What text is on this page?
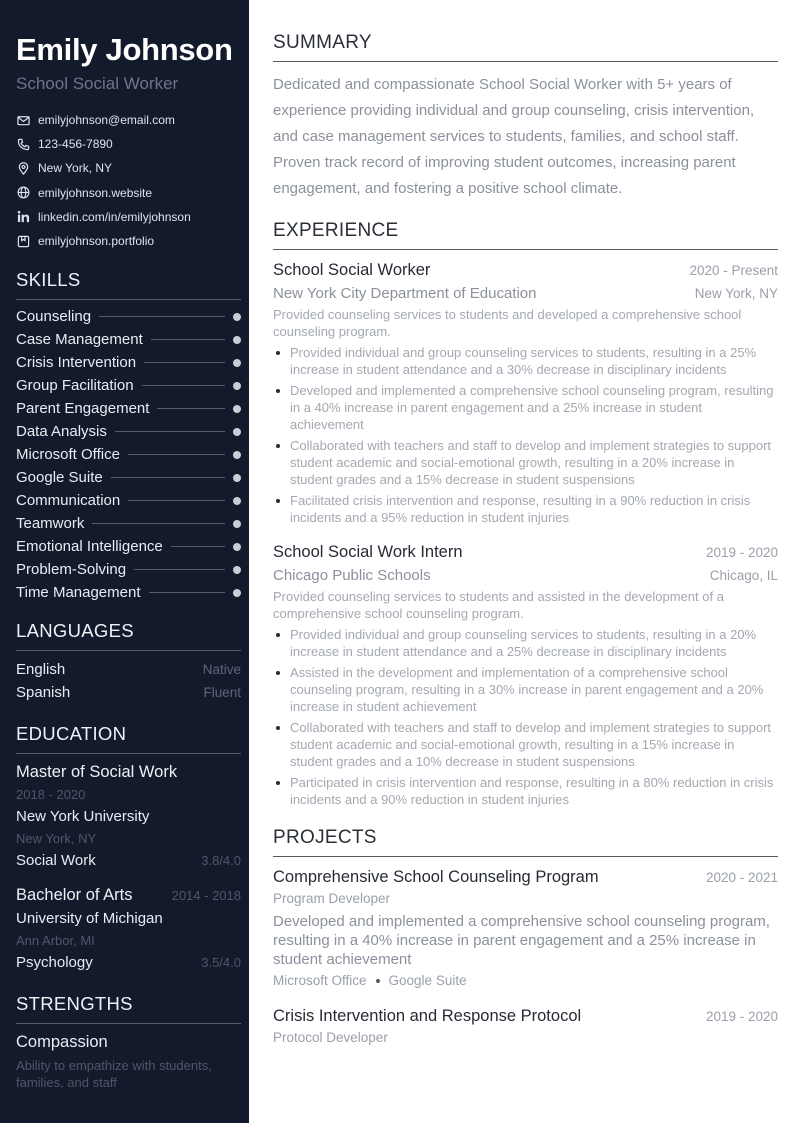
Emily Johnson
School Social Worker
emilyjohnson@email.com
123-456-7890
New York, NY
emilyjohnson.website
linkedin.com/in/emilyjohnson
emilyjohnson.portfolio
SKILLS
Counseling
Case Management
Crisis Intervention
Group Facilitation
Parent Engagement
Data Analysis
Microsoft Office
Google Suite
Communication
Teamwork
Emotional Intelligence
Problem-Solving
Time Management
LANGUAGES
English	Native
Spanish	Fluent
EDUCATION
Master of Social Work
2018 - 2020
New York University
New York, NY
Social Work	3.8/4.0
Bachelor of Arts	2014 - 2018
University of Michigan
Ann Arbor, MI
Psychology	3.5/4.0
STRENGTHS
Compassion
Ability to empathize with students, families, and staff
SUMMARY

Dedicated and compassionate School Social Worker with 5+ years of experience providing individual and group counseling, crisis intervention, and case management services to students, families, and school staff. Proven track record of improving student outcomes, increasing parent engagement, and fostering a positive school climate.

EXPERIENCE
School Social Worker	2020 - Present
New York City Department of Education	New York, NY
Provided counseling services to students and developed a comprehensive school counseling program.
Provided individual and group counseling services to students, resulting in a 25% increase in student attendance and a 30% decrease in disciplinary incidents
Developed and implemented a comprehensive school counseling program, resulting in a 40% increase in parent engagement and a 25% increase in student achievement
Collaborated with teachers and staff to develop and implement strategies to support student academic and social-emotional growth, resulting in a 20% increase in student grades and a 15% decrease in student suspensions
Facilitated crisis intervention and response, resulting in a 90% reduction in crisis incidents and a 95% reduction in student injuries
School Social Work Intern	2019 - 2020
Chicago Public Schools	Chicago, IL
Provided counseling services to students and assisted in the development of a comprehensive school counseling program.
Provided individual and group counseling services to students, resulting in a 20% increase in student attendance and a 25% decrease in disciplinary incidents
Assisted in the development and implementation of a comprehensive school counseling program, resulting in a 30% increase in parent engagement and a 20% increase in student achievement
Collaborated with teachers and staff to develop and implement strategies to support student academic and social-emotional growth, resulting in a 15% increase in student grades and a 10% decrease in student suspensions
Participated in crisis intervention and response, resulting in a 80% reduction in crisis incidents and a 90% reduction in student injuries
PROJECTS
Comprehensive School Counseling Program	2020 - 2021
Program Developer
Developed and implemented a comprehensive school counseling program, resulting in a 40% increase in parent engagement and a 25% increase in student achievement
Microsoft Office Google Suite
Crisis Intervention and Response Protocol	2019 - 2020
Protocol Developer
